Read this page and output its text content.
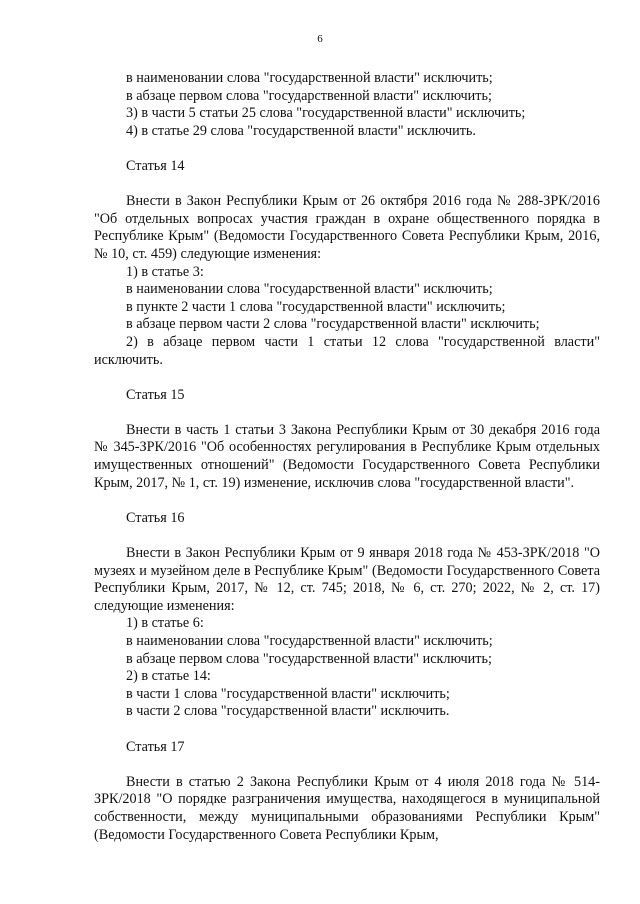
6

в наименовании слова "государственной власти" исключить;

в абзаце первом слова "государственной власти" исключить;

3) в части 5 статьи 25 слова "государственной власти" исключить;

4) в статье 29 слова "государственной власти" исключить.

Статья 14

Внести в Закон Республики Крым от 26 октября 2016 года № 288-ЗРК/2016 "Об отдельных вопросах участия граждан в охране общественного порядка в Республике Крым" (Ведомости Государственного Совета Республики Крым, 2016, № 10, ст. 459) следующие изменения:

1) в статье 3:

в наименовании слова "государственной власти" исключить;

в пункте 2 части 1 слова "государственной власти" исключить;

в абзаце первом части 2 слова "государственной власти" исключить;

2) в абзаце первом части 1 статьи 12 слова "государственной власти" исключить.

Статья 15

Внести в часть 1 статьи 3 Закона Республики Крым от 30 декабря 2016 года № 345-ЗРК/2016 "Об особенностях регулирования в Республике Крым отдельных имущественных отношений" (Ведомости Государственного Совета Республики Крым, 2017, № 1, ст. 19) изменение, исключив слова "государственной власти".

Статья 16

Внести в Закон Республики Крым от 9 января 2018 года № 453-ЗРК/2018 "О музеях и музейном деле в Республике Крым" (Ведомости Государственного Совета Республики Крым, 2017, № 12, ст. 745; 2018, № 6, ст. 270; 2022, № 2, ст. 17) следующие изменения:

1) в статье 6:

в наименовании слова "государственной власти" исключить;

в абзаце первом слова "государственной власти" исключить;

2) в статье 14:

в части 1 слова "государственной власти" исключить;

в части 2 слова "государственной власти" исключить.

Статья 17

Внести в статью 2 Закона Республики Крым от 4 июля 2018 года № 514-ЗРК/2018 "О порядке разграничения имущества, находящегося в муниципальной собственности, между муниципальными образованиями Республики Крым" (Ведомости Государственного Совета Республики Крым,
